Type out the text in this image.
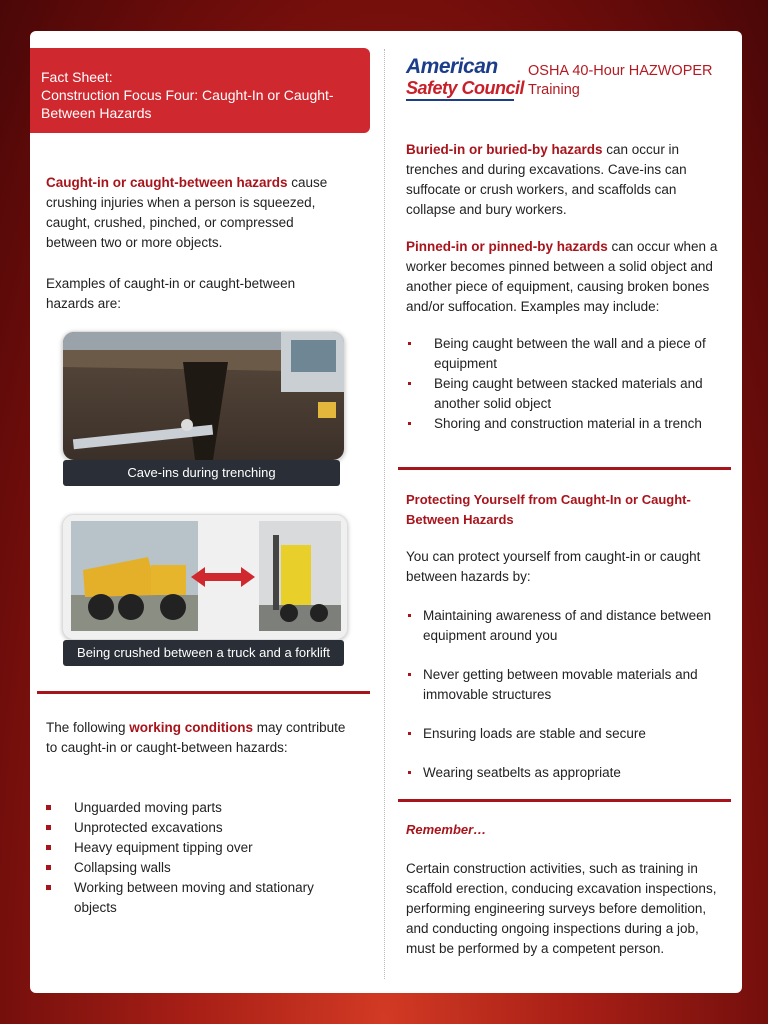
Fact Sheet:
Construction Focus Four: Caught-In or Caught-
Between Hazards
American
Safety Council
OSHA 40-Hour HAZWOPER
Training
Caught-in or caught-between hazards cause crushing injuries when a person is squeezed, caught, crushed, pinched, or compressed between two or more objects.
Examples of caught-in or caught-between hazards are:
Cave-ins during trenching
Being crushed between a truck and a forklift
The following working conditions may contribute to caught-in or caught-between hazards:
Unguarded moving parts
Unprotected excavations
Heavy equipment tipping over
Collapsing walls
Working between moving and stationary objects
Buried-in or buried-by hazards can occur in trenches and during excavations. Cave-ins can suffocate or crush workers, and scaffolds can collapse and bury workers.
Pinned-in or pinned-by hazards can occur when a worker becomes pinned between a solid object and another piece of equipment, causing broken bones and/or suffocation. Examples may include:
Being caught between the wall and a piece of equipment
Being caught between stacked materials and another solid object
Shoring and construction material in a trench
Protecting Yourself from Caught-In or Caught-Between Hazards
You can protect yourself from caught-in or caught between hazards by:
Maintaining awareness of and distance between equipment around you
Never getting between movable materials and immovable structures
Ensuring loads are stable and secure
Wearing seatbelts as appropriate
Remember…
Certain construction activities, such as training in scaffold erection, conducing excavation inspections, performing engineering surveys before demolition, and conducting ongoing inspections during a job, must be performed by a competent person.
